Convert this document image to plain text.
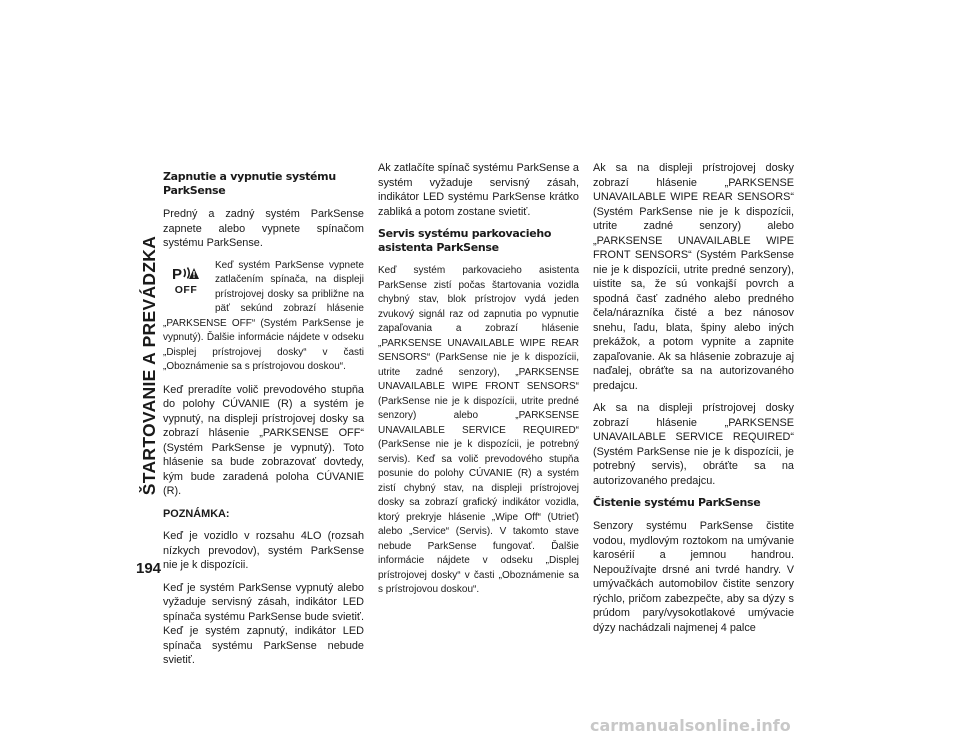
ŠTARTOVANIE A PREVÁDZKA
194
Zapnutie a vypnutie systému ParkSense

Predný a zadný systém ParkSense zapnete alebo vypnete spínačom systému ParkSense.

P
OFF
Keď systém ParkSense vypnete zatlačením spínača, na displeji prístrojovej dosky sa približne na päť sekúnd zobrazí hlásenie „PARKSENSE OFF“ (Systém ParkSense je vypnutý). Ďalšie informácie nájdete v odseku „Displej prístrojovej dosky“ v časti „Oboznámenie sa s prístrojovou doskou“.

Keď preradíte volič prevodového stupňa do polohy CÚVANIE (R) a systém je vypnutý, na displeji prístrojovej dosky sa zobrazí hlásenie „PARKSENSE OFF“ (Systém ParkSense je vypnutý). Toto hlásenie sa bude zobrazovať dovtedy, kým bude zaradená poloha CÚVANIE (R).

POZNÁMKA:

Keď je vozidlo v rozsahu 4LO (rozsah nízkych prevodov), systém ParkSense nie je k dispozícii.

Keď je systém ParkSense vypnutý alebo vyžaduje servisný zásah, indikátor LED spínača systému ParkSense bude svietiť. Keď je systém zapnutý, indikátor LED spínača systému ParkSense nebude svietiť.

Ak zatlačíte spínač systému ParkSense a systém vyžaduje servisný zásah, indikátor LED systému ParkSense krátko zabliká a potom zostane svietiť.

Servis systému parkovacieho asistenta ParkSense

Keď systém parkovacieho asistenta ParkSense zistí počas štartovania vozidla chybný stav, blok prístrojov vydá jeden zvukový signál raz od zapnutia po vypnutie zapaľovania a zobrazí hlásenie „PARKSENSE UNAVAILABLE WIPE REAR SENSORS“ (ParkSense nie je k dispozícii, utrite zadné senzory), „PARKSENSE UNAVAILABLE WIPE FRONT SENSORS“ (ParkSense nie je k dispozícii, utrite predné senzory) alebo „PARKSENSE UNAVAILABLE SERVICE REQUIRED“ (ParkSense nie je k dispozícii, je potrebný servis). Keď sa volič prevodového stupňa posunie do polohy CÚVANIE (R) a systém zistí chybný stav, na displeji prístrojovej dosky sa zobrazí grafický indikátor vozidla, ktorý prekryje hlásenie „Wipe Off“ (Utrieť) alebo „Service“ (Servis). V takomto stave nebude ParkSense fungovať. Ďalšie informácie nájdete v odseku „Displej prístrojovej dosky“ v časti „Oboznámenie sa s prístrojovou doskou“.

Ak sa na displeji prístrojovej dosky zobrazí hlásenie „PARKSENSE UNAVAILABLE WIPE REAR SENSORS“ (Systém ParkSense nie je k dispozícii, utrite zadné senzory) alebo „PARKSENSE UNAVAILABLE WIPE FRONT SENSORS“ (Systém ParkSense nie je k dispozícii, utrite predné senzory), uistite sa, že sú vonkajší povrch a spodná časť zadného alebo predného čela/nárazníka čisté a bez nánosov snehu, ľadu, blata, špiny alebo iných prekážok, a potom vypnite a zapnite zapaľovanie. Ak sa hlásenie zobrazuje aj naďalej, obráťte sa na autorizovaného predajcu.

Ak sa na displeji prístrojovej dosky zobrazí hlásenie „PARKSENSE UNAVAILABLE SERVICE REQUIRED“ (Systém ParkSense nie je k dispozícii, je potrebný servis), obráťte sa na autorizovaného predajcu.

Čistenie systému ParkSense

Senzory systému ParkSense čistite vodou, mydlovým roztokom na umývanie karosérií a jemnou handrou. Nepoužívajte drsné ani tvrdé handry. V umývačkách automobilov čistite senzory rýchlo, pričom zabezpečte, aby sa dýzy s prúdom pary/vysokotlakové umývacie dýzy nachádzali najmenej 4 palce

carmanualsonline.info
